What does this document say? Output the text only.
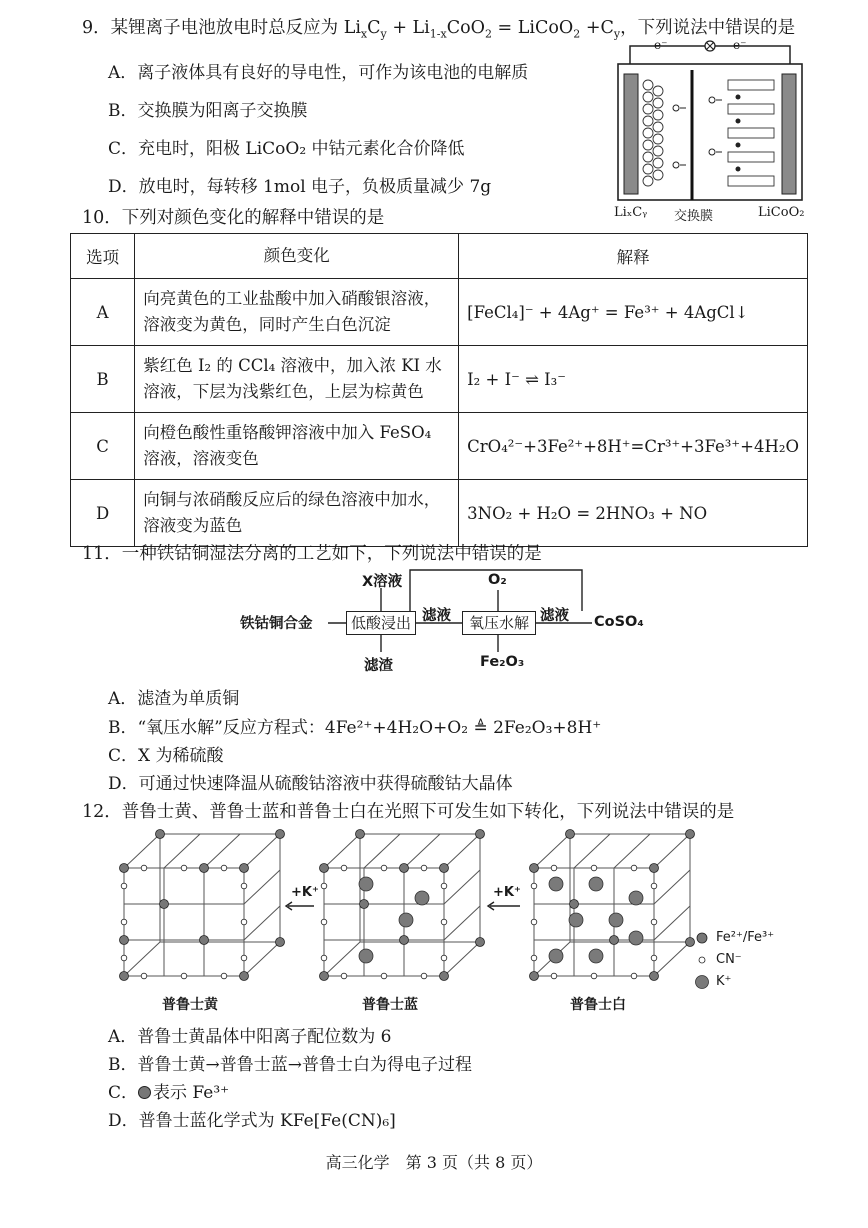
9．某锂离子电池放电时总反应为 $Li_xC_y + Li_{1-x}CoO_2$ = LiCoO$_2$ $+C_y$，下列说法中错误的是
A．离子液体具有良好的导电性，可作为该电池的电解质
B．交换膜为阳离子交换膜
C．充电时，阳极 LiCoO₂ 中钴元素化合价降低
D．放电时，每转移 1mol 电子，负极质量减少 7g
e⁻	e⁻
LiₓCᵧ 交换膜	LiCoO₂
10．下列对颜色变化的解释中错误的是
选项	颜色变化	解释
A	向亮黄色的工业盐酸中加入硝酸银溶液，溶液变为黄色，同时产生白色沉淀	[FeCl₄]⁻ + 4Ag⁺ = Fe³⁺ + 4AgCl↓
B	紫红色 I₂ 的 CCl₄ 溶液中，加入浓 KI 水溶液，下层为浅紫红色，上层为棕黄色	I₂ + I⁻ ⇌ I₃⁻
C	向橙色酸性重铬酸钾溶液中加入 FeSO₄ 溶液，溶液变色	CrO₄²⁻+3Fe²⁺+8H⁺=Cr³⁺+3Fe³⁺+4H₂O
D	向铜与浓硝酸反应后的绿色溶液中加水，溶液变为蓝色	3NO₂ + H₂O = 2HNO₃ + NO
11．一种铁钴铜湿法分离的工艺如下，下列说法中错误的是
铁钴铜合金
X溶液
低酸浸出 滤液
O₂
氧压水解 滤液 CoSO₄
滤渣	Fe₂O₃
A．滤渣为单质铜
B．“氧压水解”反应方程式：4Fe²⁺+4H₂O+O₂ ≜ 2Fe₂O₃+8H⁺
C．X 为稀硫酸
D．可通过快速降温从硫酸钴溶液中获得硫酸钴大晶体
12．普鲁士黄、普鲁士蓝和普鲁士白在光照下可发生如下转化，下列说法中错误的是
+K⁺	+K⁺
普鲁士黄	普鲁士蓝	普鲁士白
Fe²⁺/Fe³⁺
CN⁻
K⁺
A．普鲁士黄晶体中阳离子配位数为 6
B．普鲁士黄→普鲁士蓝→普鲁士白为得电子过程
C． 表示 Fe³⁺
D．普鲁士蓝化学式为 KFe[Fe(CN)₆]
高三化学　第 3 页（共 8 页）
